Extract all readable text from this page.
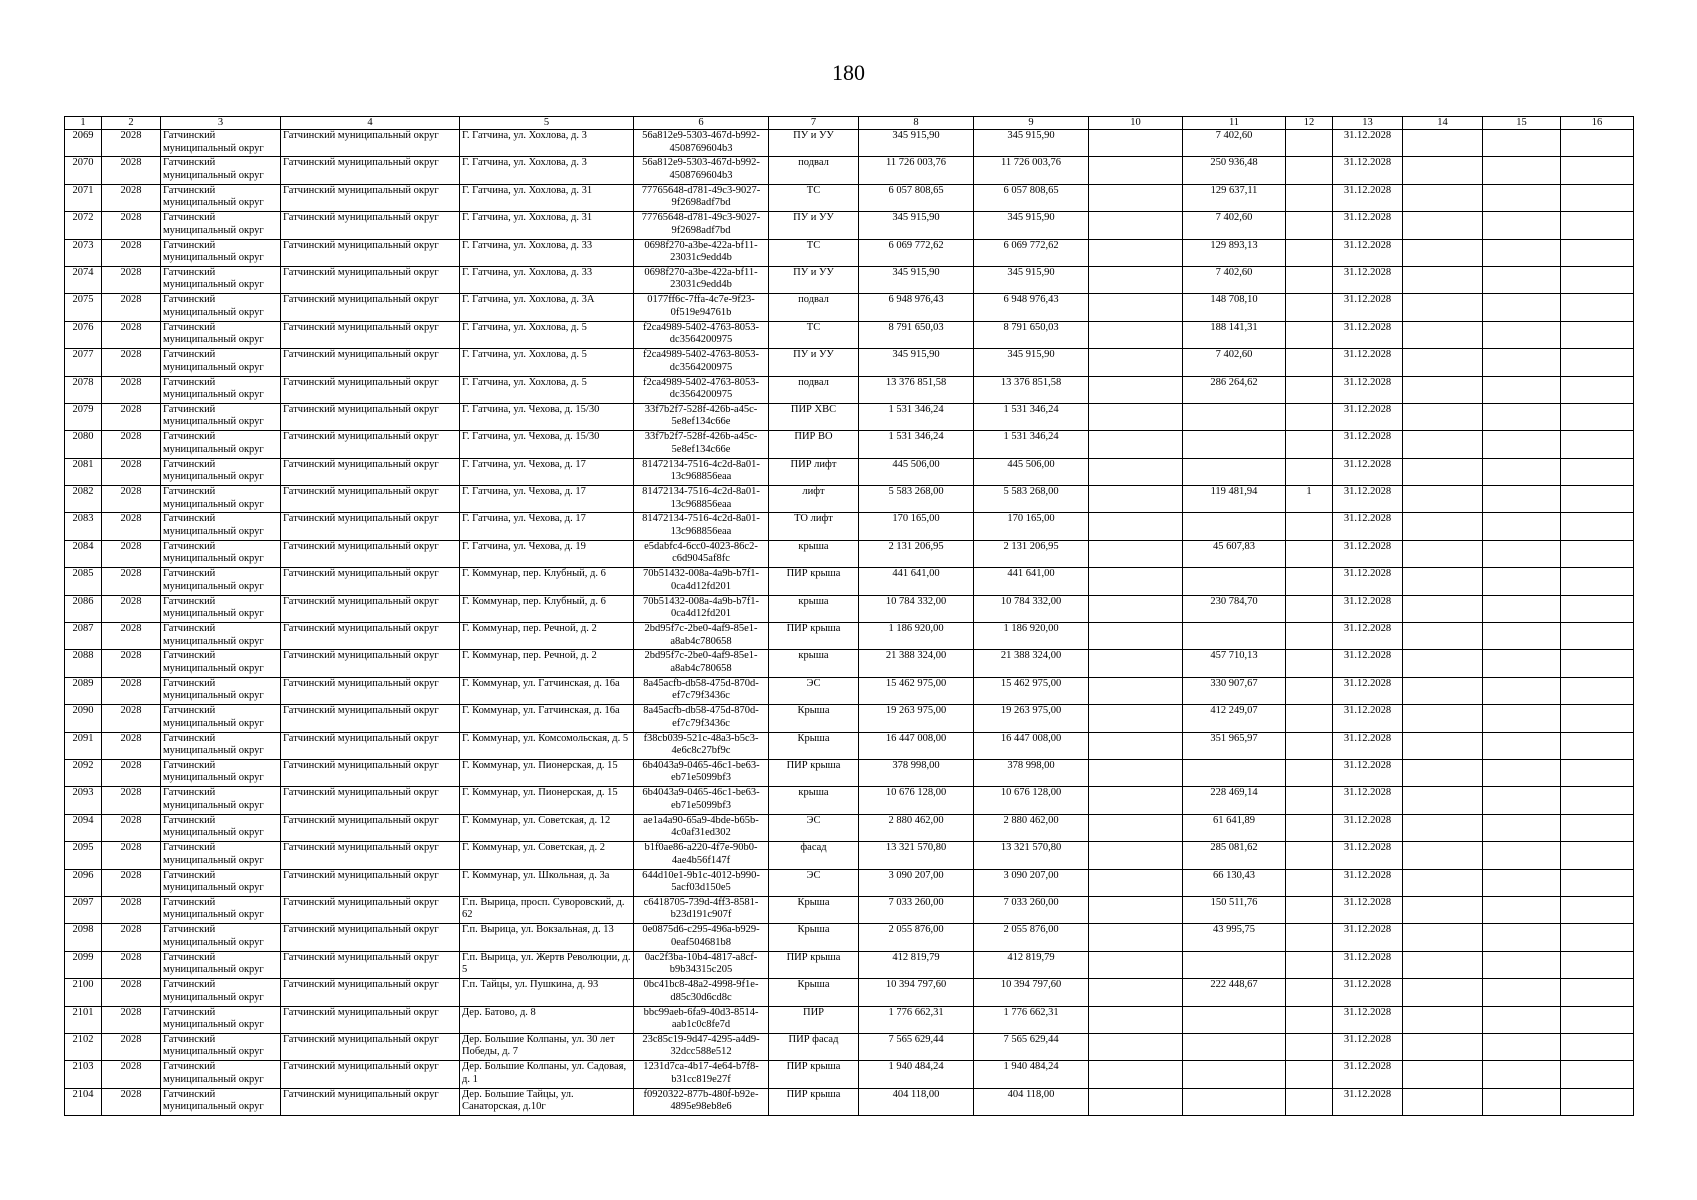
180
1	2	3	4	5	6	7	8	9	10	11	12	13	14	15	16
2069	2028	Гатчинский муниципальный округ	Гатчинский муниципальный округ	Г. Гатчина, ул. Хохлова, д. 3	56a812e9-5303-467d-b992-4508769604b3	ПУ и УУ	345 915,90	345 915,90		7 402,60		31.12.2028			
2070	2028	Гатчинский муниципальный округ	Гатчинский муниципальный округ	Г. Гатчина, ул. Хохлова, д. 3	56a812e9-5303-467d-b992-4508769604b3	подвал	11 726 003,76	11 726 003,76		250 936,48		31.12.2028			
2071	2028	Гатчинский муниципальный округ	Гатчинский муниципальный округ	Г. Гатчина, ул. Хохлова, д. 31	77765648-d781-49c3-9027-9f2698adf7bd	ТС	6 057 808,65	6 057 808,65		129 637,11		31.12.2028			
2072	2028	Гатчинский муниципальный округ	Гатчинский муниципальный округ	Г. Гатчина, ул. Хохлова, д. 31	77765648-d781-49c3-9027-9f2698adf7bd	ПУ и УУ	345 915,90	345 915,90		7 402,60		31.12.2028			
2073	2028	Гатчинский муниципальный округ	Гатчинский муниципальный округ	Г. Гатчина, ул. Хохлова, д. 33	0698f270-a3be-422a-bf11-23031c9edd4b	ТС	6 069 772,62	6 069 772,62		129 893,13		31.12.2028			
2074	2028	Гатчинский муниципальный округ	Гатчинский муниципальный округ	Г. Гатчина, ул. Хохлова, д. 33	0698f270-a3be-422a-bf11-23031c9edd4b	ПУ и УУ	345 915,90	345 915,90		7 402,60		31.12.2028			
2075	2028	Гатчинский муниципальный округ	Гатчинский муниципальный округ	Г. Гатчина, ул. Хохлова, д. 3А	0177ff6c-7ffa-4c7e-9f23-0f519e94761b	подвал	6 948 976,43	6 948 976,43		148 708,10		31.12.2028			
2076	2028	Гатчинский муниципальный округ	Гатчинский муниципальный округ	Г. Гатчина, ул. Хохлова, д. 5	f2ca4989-5402-4763-8053-dc3564200975	ТС	8 791 650,03	8 791 650,03		188 141,31		31.12.2028			
2077	2028	Гатчинский муниципальный округ	Гатчинский муниципальный округ	Г. Гатчина, ул. Хохлова, д. 5	f2ca4989-5402-4763-8053-dc3564200975	ПУ и УУ	345 915,90	345 915,90		7 402,60		31.12.2028			
2078	2028	Гатчинский муниципальный округ	Гатчинский муниципальный округ	Г. Гатчина, ул. Хохлова, д. 5	f2ca4989-5402-4763-8053-dc3564200975	подвал	13 376 851,58	13 376 851,58		286 264,62		31.12.2028			
2079	2028	Гатчинский муниципальный округ	Гатчинский муниципальный округ	Г. Гатчина, ул. Чехова, д. 15/30	33f7b2f7-528f-426b-a45c-5e8ef134c66e	ПИР ХВС	1 531 346,24	1 531 346,24				31.12.2028			
2080	2028	Гатчинский муниципальный округ	Гатчинский муниципальный округ	Г. Гатчина, ул. Чехова, д. 15/30	33f7b2f7-528f-426b-a45c-5e8ef134c66e	ПИР ВО	1 531 346,24	1 531 346,24				31.12.2028			
2081	2028	Гатчинский муниципальный округ	Гатчинский муниципальный округ	Г. Гатчина, ул. Чехова, д. 17	81472134-7516-4c2d-8a01-13c968856eaa	ПИР лифт	445 506,00	445 506,00				31.12.2028			
2082	2028	Гатчинский муниципальный округ	Гатчинский муниципальный округ	Г. Гатчина, ул. Чехова, д. 17	81472134-7516-4c2d-8a01-13c968856eaa	лифт	5 583 268,00	5 583 268,00		119 481,94	1	31.12.2028			
2083	2028	Гатчинский муниципальный округ	Гатчинский муниципальный округ	Г. Гатчина, ул. Чехова, д. 17	81472134-7516-4c2d-8a01-13c968856eaa	ТО лифт	170 165,00	170 165,00				31.12.2028			
2084	2028	Гатчинский муниципальный округ	Гатчинский муниципальный округ	Г. Гатчина, ул. Чехова, д. 19	e5dabfc4-6cc0-4023-86c2-c6d9045af8fc	крыша	2 131 206,95	2 131 206,95		45 607,83		31.12.2028			
2085	2028	Гатчинский муниципальный округ	Гатчинский муниципальный округ	Г. Коммунар, пер. Клубный, д. 6	70b51432-008a-4a9b-b7f1-0ca4d12fd201	ПИР крыша	441 641,00	441 641,00				31.12.2028			
2086	2028	Гатчинский муниципальный округ	Гатчинский муниципальный округ	Г. Коммунар, пер. Клубный, д. 6	70b51432-008a-4a9b-b7f1-0ca4d12fd201	крыша	10 784 332,00	10 784 332,00		230 784,70		31.12.2028			
2087	2028	Гатчинский муниципальный округ	Гатчинский муниципальный округ	Г. Коммунар, пер. Речной, д. 2	2bd95f7c-2be0-4af9-85e1-a8ab4c780658	ПИР крыша	1 186 920,00	1 186 920,00				31.12.2028			
2088	2028	Гатчинский муниципальный округ	Гатчинский муниципальный округ	Г. Коммунар, пер. Речной, д. 2	2bd95f7c-2be0-4af9-85e1-a8ab4c780658	крыша	21 388 324,00	21 388 324,00		457 710,13		31.12.2028			
2089	2028	Гатчинский муниципальный округ	Гатчинский муниципальный округ	Г. Коммунар, ул. Гатчинская, д. 16а	8a45acfb-db58-475d-870d-ef7c79f3436c	ЭС	15 462 975,00	15 462 975,00		330 907,67		31.12.2028			
2090	2028	Гатчинский муниципальный округ	Гатчинский муниципальный округ	Г. Коммунар, ул. Гатчинская, д. 16а	8a45acfb-db58-475d-870d-ef7c79f3436c	Крыша	19 263 975,00	19 263 975,00		412 249,07		31.12.2028			
2091	2028	Гатчинский муниципальный округ	Гатчинский муниципальный округ	Г. Коммунар, ул. Комсомольская, д. 5	f38cb039-521c-48a3-b5c3-4e6c8c27bf9c	Крыша	16 447 008,00	16 447 008,00		351 965,97		31.12.2028			
2092	2028	Гатчинский муниципальный округ	Гатчинский муниципальный округ	Г. Коммунар, ул. Пионерская, д. 15	6b4043a9-0465-46c1-be63-eb71e5099bf3	ПИР крыша	378 998,00	378 998,00				31.12.2028			
2093	2028	Гатчинский муниципальный округ	Гатчинский муниципальный округ	Г. Коммунар, ул. Пионерская, д. 15	6b4043a9-0465-46c1-be63-eb71e5099bf3	крыша	10 676 128,00	10 676 128,00		228 469,14		31.12.2028			
2094	2028	Гатчинский муниципальный округ	Гатчинский муниципальный округ	Г. Коммунар, ул. Советская, д. 12	ae1a4a90-65a9-4bde-b65b-4c0af31ed302	ЭС	2 880 462,00	2 880 462,00		61 641,89		31.12.2028			
2095	2028	Гатчинский муниципальный округ	Гатчинский муниципальный округ	Г. Коммунар, ул. Советская, д. 2	b1f0ae86-a220-4f7e-90b0-4ae4b56f147f	фасад	13 321 570,80	13 321 570,80		285 081,62		31.12.2028			
2096	2028	Гатчинский муниципальный округ	Гатчинский муниципальный округ	Г. Коммунар, ул. Школьная, д. 3а	644d10e1-9b1c-4012-b990-5acf03d150e5	ЭС	3 090 207,00	3 090 207,00		66 130,43		31.12.2028			
2097	2028	Гатчинский муниципальный округ	Гатчинский муниципальный округ	Г.п. Вырица, просп. Суворовский, д. 62	c6418705-739d-4ff3-8581-b23d191c907f	Крыша	7 033 260,00	7 033 260,00		150 511,76		31.12.2028			
2098	2028	Гатчинский муниципальный округ	Гатчинский муниципальный округ	Г.п. Вырица, ул. Вокзальная, д. 13	0e0875d6-c295-496a-b929-0eaf504681b8	Крыша	2 055 876,00	2 055 876,00		43 995,75		31.12.2028			
2099	2028	Гатчинский муниципальный округ	Гатчинский муниципальный округ	Г.п. Вырица, ул. Жертв Революции, д. 5	0ac2f3ba-10b4-4817-a8cf-b9b34315c205	ПИР крыша	412 819,79	412 819,79				31.12.2028			
2100	2028	Гатчинский муниципальный округ	Гатчинский муниципальный округ	Г.п. Тайцы, ул. Пушкина, д. 93	0bc41bc8-48a2-4998-9f1e-d85c30d6cd8c	Крыша	10 394 797,60	10 394 797,60		222 448,67		31.12.2028			
2101	2028	Гатчинский муниципальный округ	Гатчинский муниципальный округ	Дер. Батово, д. 8	bbc99aeb-6fa9-40d3-8514-aab1c0c8fe7d	ПИР	1 776 662,31	1 776 662,31				31.12.2028			
2102	2028	Гатчинский муниципальный округ	Гатчинский муниципальный округ	Дер. Большие Колпаны, ул. 30 лет Победы, д. 7	23c85c19-9d47-4295-a4d9-32dcc588e512	ПИР фасад	7 565 629,44	7 565 629,44				31.12.2028			
2103	2028	Гатчинский муниципальный округ	Гатчинский муниципальный округ	Дер. Большие Колпаны, ул. Садовая, д. 1	1231d7ca-4b17-4e64-b7f8-b31cc819e27f	ПИР крыша	1 940 484,24	1 940 484,24				31.12.2028			
2104	2028	Гатчинский муниципальный округ	Гатчинский муниципальный округ	Дер. Большие Тайцы, ул. Санаторская, д.10г	f0920322-877b-480f-b92e-4895e98eb8e6	ПИР крыша	404 118,00	404 118,00				31.12.2028			
